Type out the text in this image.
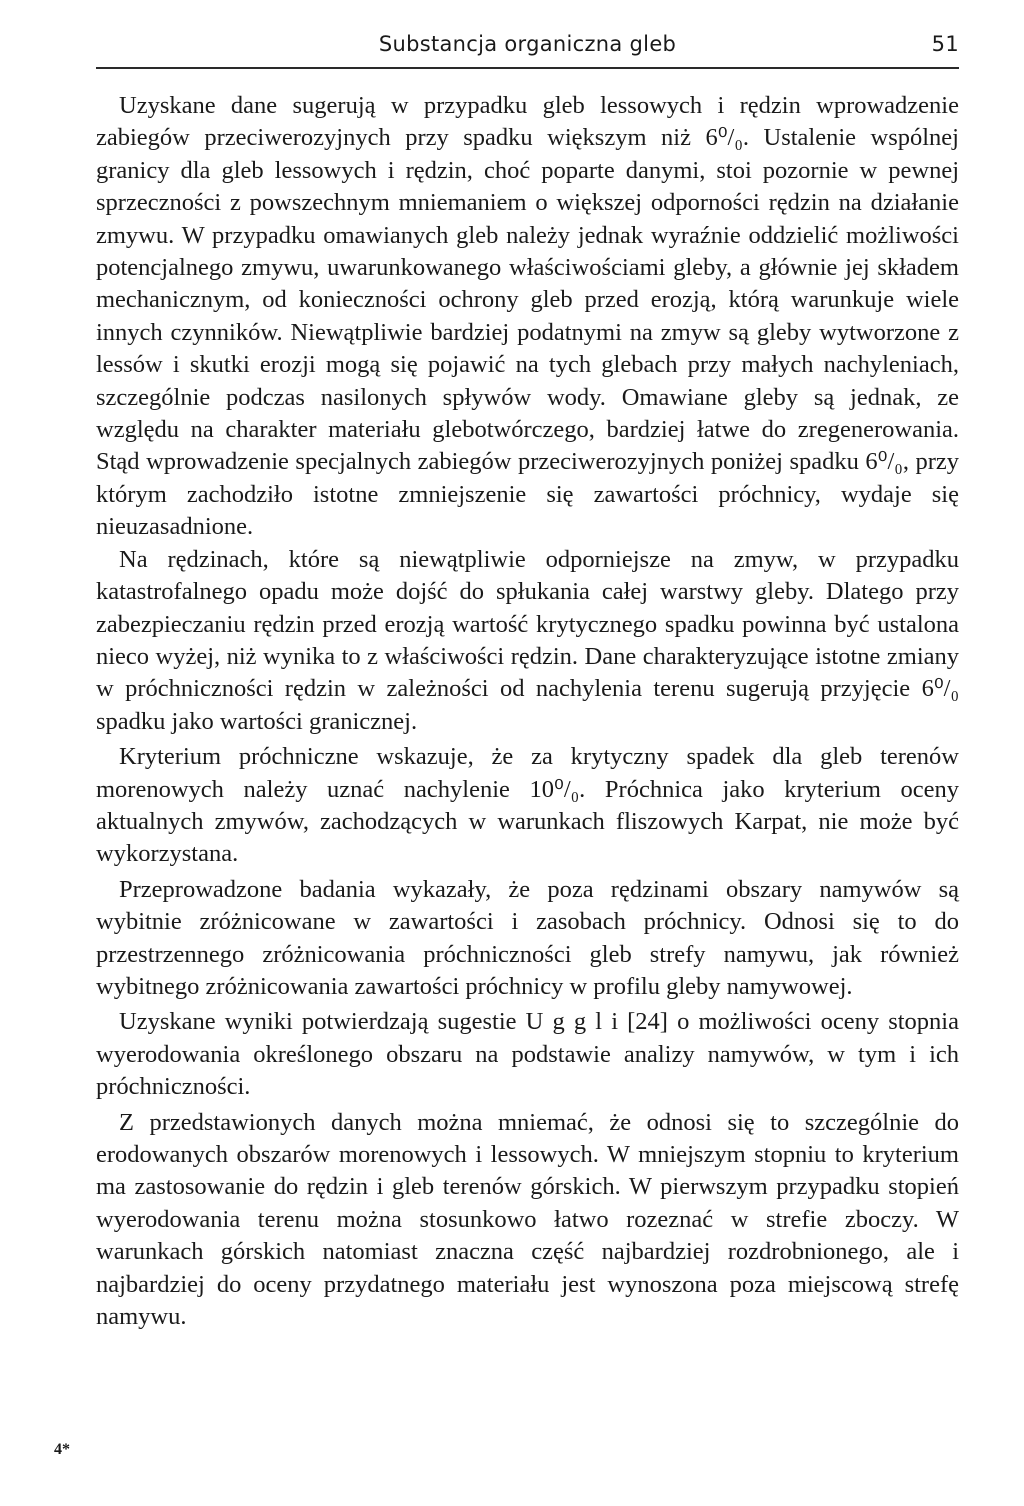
Substancja organiczna gleb	51

Uzyskane dane sugerują w przypadku gleb lessowych i rędzin wprowadzenie zabiegów przeciwerozyjnych przy spadku większym niż 6⁰/₀. Ustalenie wspólnej granicy dla gleb lessowych i rędzin, choć poparte danymi, stoi pozornie w pewnej sprzeczności z powszechnym mniemaniem o większej odporności rędzin na działanie zmywu. W przypadku omawianych gleb należy jednak wyraźnie oddzielić możliwości potencjalnego zmywu, uwarunkowanego właściwościami gleby, a głównie jej składem mechanicznym, od konieczności ochrony gleb przed erozją, którą warunkuje wiele innych czynników. Niewątpliwie bardziej podatnymi na zmyw są gleby wytworzone z lessów i skutki erozji mogą się pojawić na tych glebach przy małych nachyleniach, szczególnie podczas nasilonych spływów wody. Omawiane gleby są jednak, ze względu na charakter materiału glebotwórczego, bardziej łatwe do zregenerowania. Stąd wprowadzenie specjalnych zabiegów przeciwerozyjnych poniżej spadku 6⁰/₀, przy którym zachodziło istotne zmniejszenie się zawartości próchnicy, wydaje się nieuzasadnione.

Na rędzinach, które są niewątpliwie odporniejsze na zmyw, w przypadku katastrofalnego opadu może dojść do spłukania całej warstwy gleby. Dlatego przy zabezpieczaniu rędzin przed erozją wartość krytycznego spadku powinna być ustalona nieco wyżej, niż wynika to z właściwości rędzin. Dane charakteryzujące istotne zmiany w próchniczności rędzin w zależności od nachylenia terenu sugerują przyjęcie 6⁰/₀ spadku jako wartości granicznej.

Kryterium próchniczne wskazuje, że za krytyczny spadek dla gleb terenów morenowych należy uznać nachylenie 10⁰/₀. Próchnica jako kryterium oceny aktualnych zmywów, zachodzących w warunkach fliszowych Karpat, nie może być wykorzystana.

Przeprowadzone badania wykazały, że poza rędzinami obszary namywów są wybitnie zróżnicowane w zawartości i zasobach próchnicy. Odnosi się to do przestrzennego zróżnicowania próchniczności gleb strefy namywu, jak również wybitnego zróżnicowania zawartości próchnicy w profilu gleby namywowej.

Uzyskane wyniki potwierdzają sugestie U g g l i [24] o możliwości oceny stopnia wyerodowania określonego obszaru na podstawie analizy namywów, w tym i ich próchniczności.

Z przedstawionych danych można mniemać, że odnosi się to szczególnie do erodowanych obszarów morenowych i lessowych. W mniejszym stopniu to kryterium ma zastosowanie do rędzin i gleb terenów górskich. W pierwszym przypadku stopień wyerodowania terenu można stosunkowo łatwo rozeznać w strefie zboczy. W warunkach górskich natomiast znaczna część najbardziej rozdrobnionego, ale i najbardziej do oceny przydatnego materiału jest wynoszona poza miejscową strefę namywu.

4*
